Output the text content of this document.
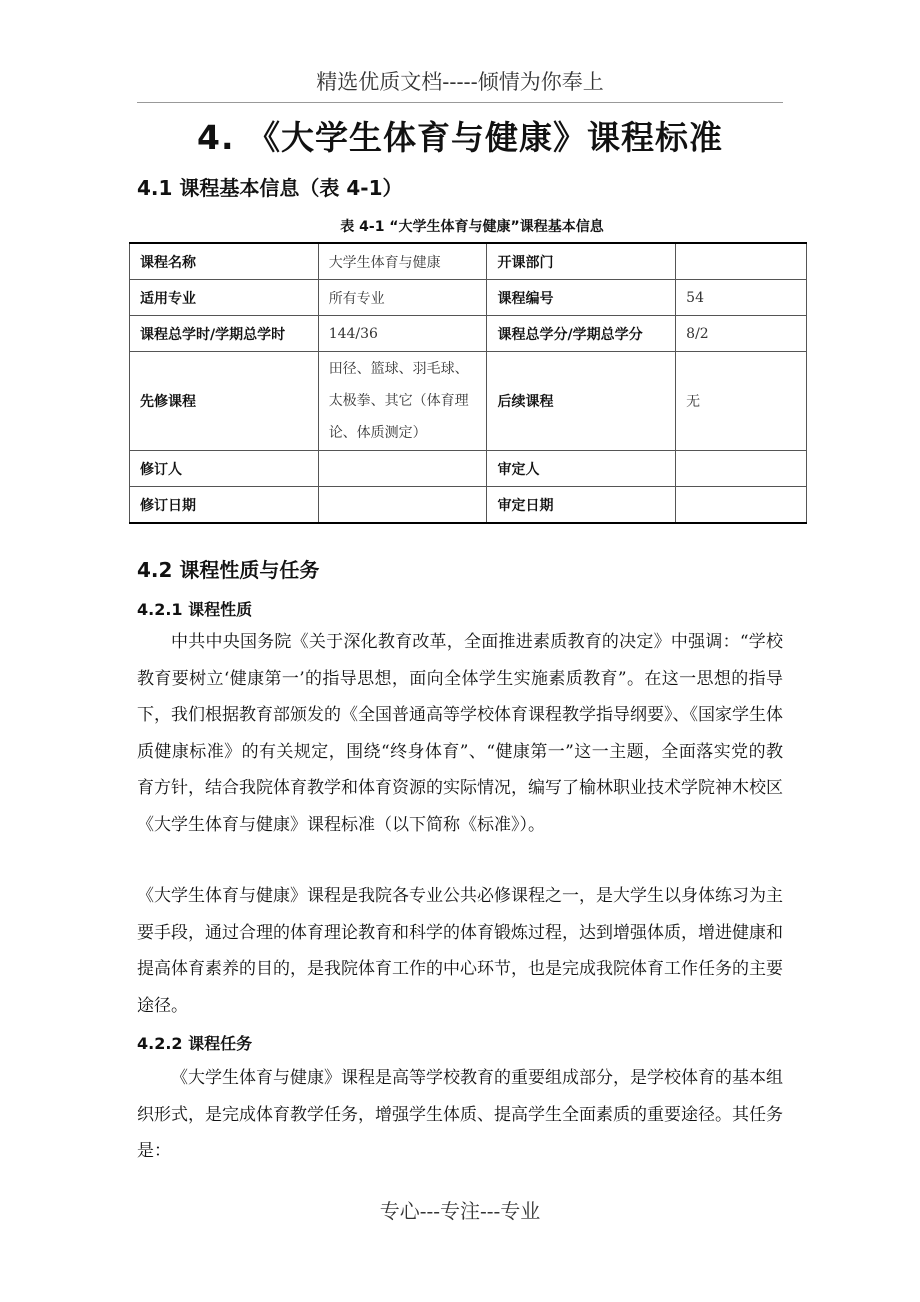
精选优质文档-----倾情为你奉上
4. 《大学生体育与健康》课程标准
4.1 课程基本信息（表 4-1）
表 4-1 “大学生体育与健康”课程基本信息
课程名称	大学生体育与健康	开课部门	
适用专业	所有专业	课程编号	54
课程总学时/学期总学时	144/36	课程总学分/学期总学分	8/2
先修课程	田径、篮球、羽毛球、太极拳、其它（体育理论、体质测定）	后续课程	无
修订人		审定人	
修订日期		审定日期	
4.2 课程性质与任务
4.2.1 课程性质
中共中央国务院《关于深化教育改革，全面推进素质教育的决定》中强调：“学校教育要树立‘健康第一’的指导思想，面向全体学生实施素质教育”。在这一思想的指导下，我们根据教育部颁发的《全国普通高等学校体育课程教学指导纲要》、《国家学生体质健康标准》的有关规定，围绕“终身体育”、“健康第一”这一主题，全面落实党的教育方针，结合我院体育教学和体育资源的实际情况，编写了榆林职业技术学院神木校区《大学生体育与健康》课程标准（以下简称《标准》）。
《大学生体育与健康》课程是我院各专业公共必修课程之一，是大学生以身体练习为主要手段，通过合理的体育理论教育和科学的体育锻炼过程，达到增强体质，增进健康和提高体育素养的目的，是我院体育工作的中心环节，也是完成我院体育工作任务的主要途径。
4.2.2 课程任务
《大学生体育与健康》课程是高等学校教育的重要组成部分，是学校体育的基本组织形式，是完成体育教学任务，增强学生体质、提高学生全面素质的重要途径。其任务是：
专心---专注---专业
